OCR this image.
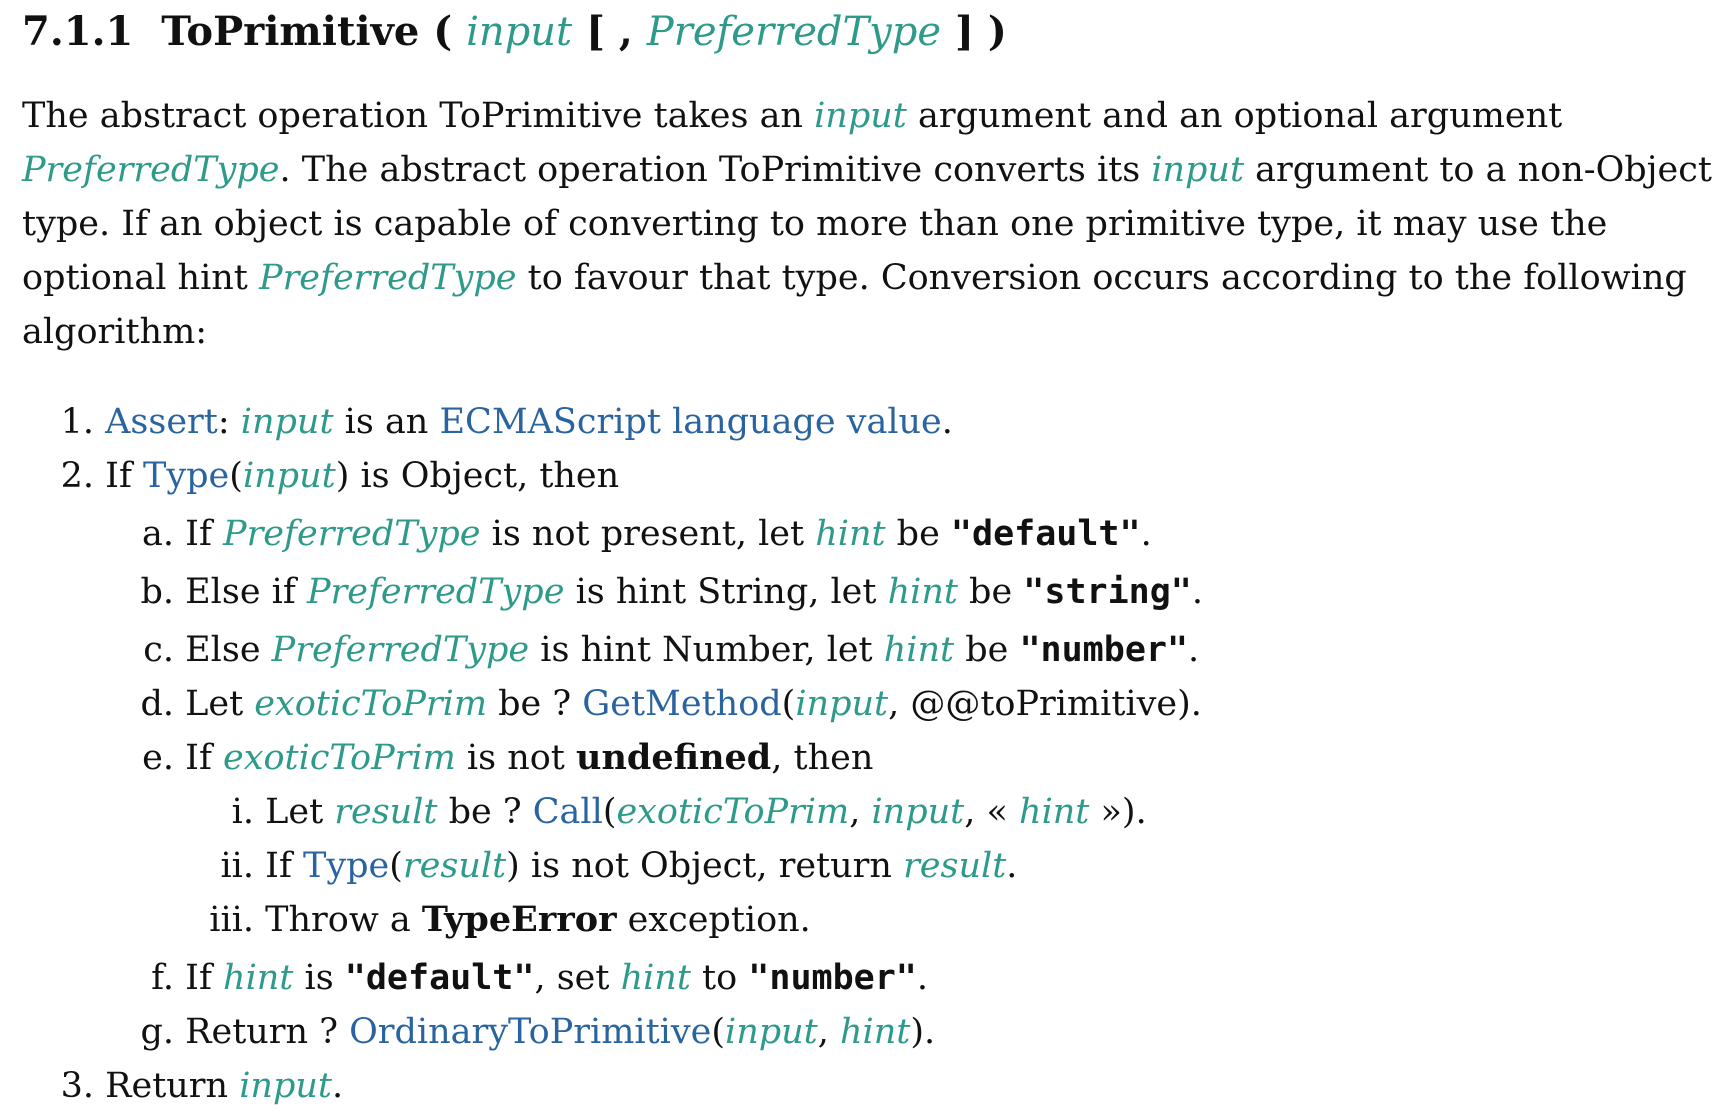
7.1.1 ToPrimitive ( input [ , PreferredType ] )
The abstract operation ToPrimitive takes an input argument and an optional argument
PreferredType. The abstract operation ToPrimitive converts its input argument to a non-Object
type. If an object is capable of converting to more than one primitive type, it may use the
optional hint PreferredType to favour that type. Conversion occurs according to the following
algorithm:
1. Assert: input is an ECMAScript language value.
2. If Type(input) is Object, then
a. If PreferredType is not present, let hint be "default".
b. Else if PreferredType is hint String, let hint be "string".
c. Else PreferredType is hint Number, let hint be "number".
d. Let exoticToPrim be ? GetMethod(input, @@toPrimitive).
e. If exoticToPrim is not undefined, then
i. Let result be ? Call(exoticToPrim, input, « hint »).
ii. If Type(result) is not Object, return result.
iii. Throw a TypeError exception.
f. If hint is "default", set hint to "number".
g. Return ? OrdinaryToPrimitive(input, hint).
3. Return input.
